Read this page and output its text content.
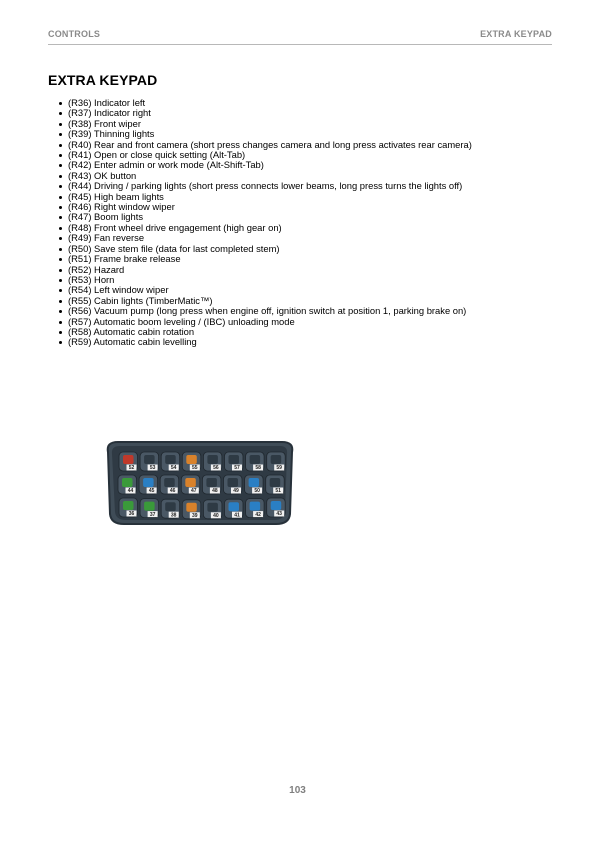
CONTROLS	EXTRA KEYPAD
EXTRA KEYPAD
(R36) Indicator left
(R37) Indicator right
(R38) Front wiper
(R39) Thinning lights
(R40) Rear and front camera (short press changes camera and long press activates rear camera)
(R41) Open or close quick setting (Alt-Tab)
(R42) Enter admin or work mode (Alt-Shift-Tab)
(R43) OK button
(R44) Driving / parking lights (short press connects lower beams, long press turns the lights off)
(R45) High beam lights
(R46) Right window wiper
(R47) Boom lights
(R48) Front wheel drive engagement (high gear on)
(R49) Fan reverse
(R50) Save stem file (data for last completed stem)
(R51) Frame brake release
(R52) Hazard
(R53) Horn
(R54) Left window wiper
(R55) Cabin lights (TimberMatic™)
(R56) Vacuum pump (long press when engine off, ignition switch at position 1, parking brake on)
(R57) Automatic boom leveling / (IBC) unloading mode
(R58) Automatic cabin rotation
(R59) Automatic cabin levelling
52	53	54	55	56	57	58	59
44	45	46	47	48	49	50	51
36	37	38	39	40	41	42	43
103
